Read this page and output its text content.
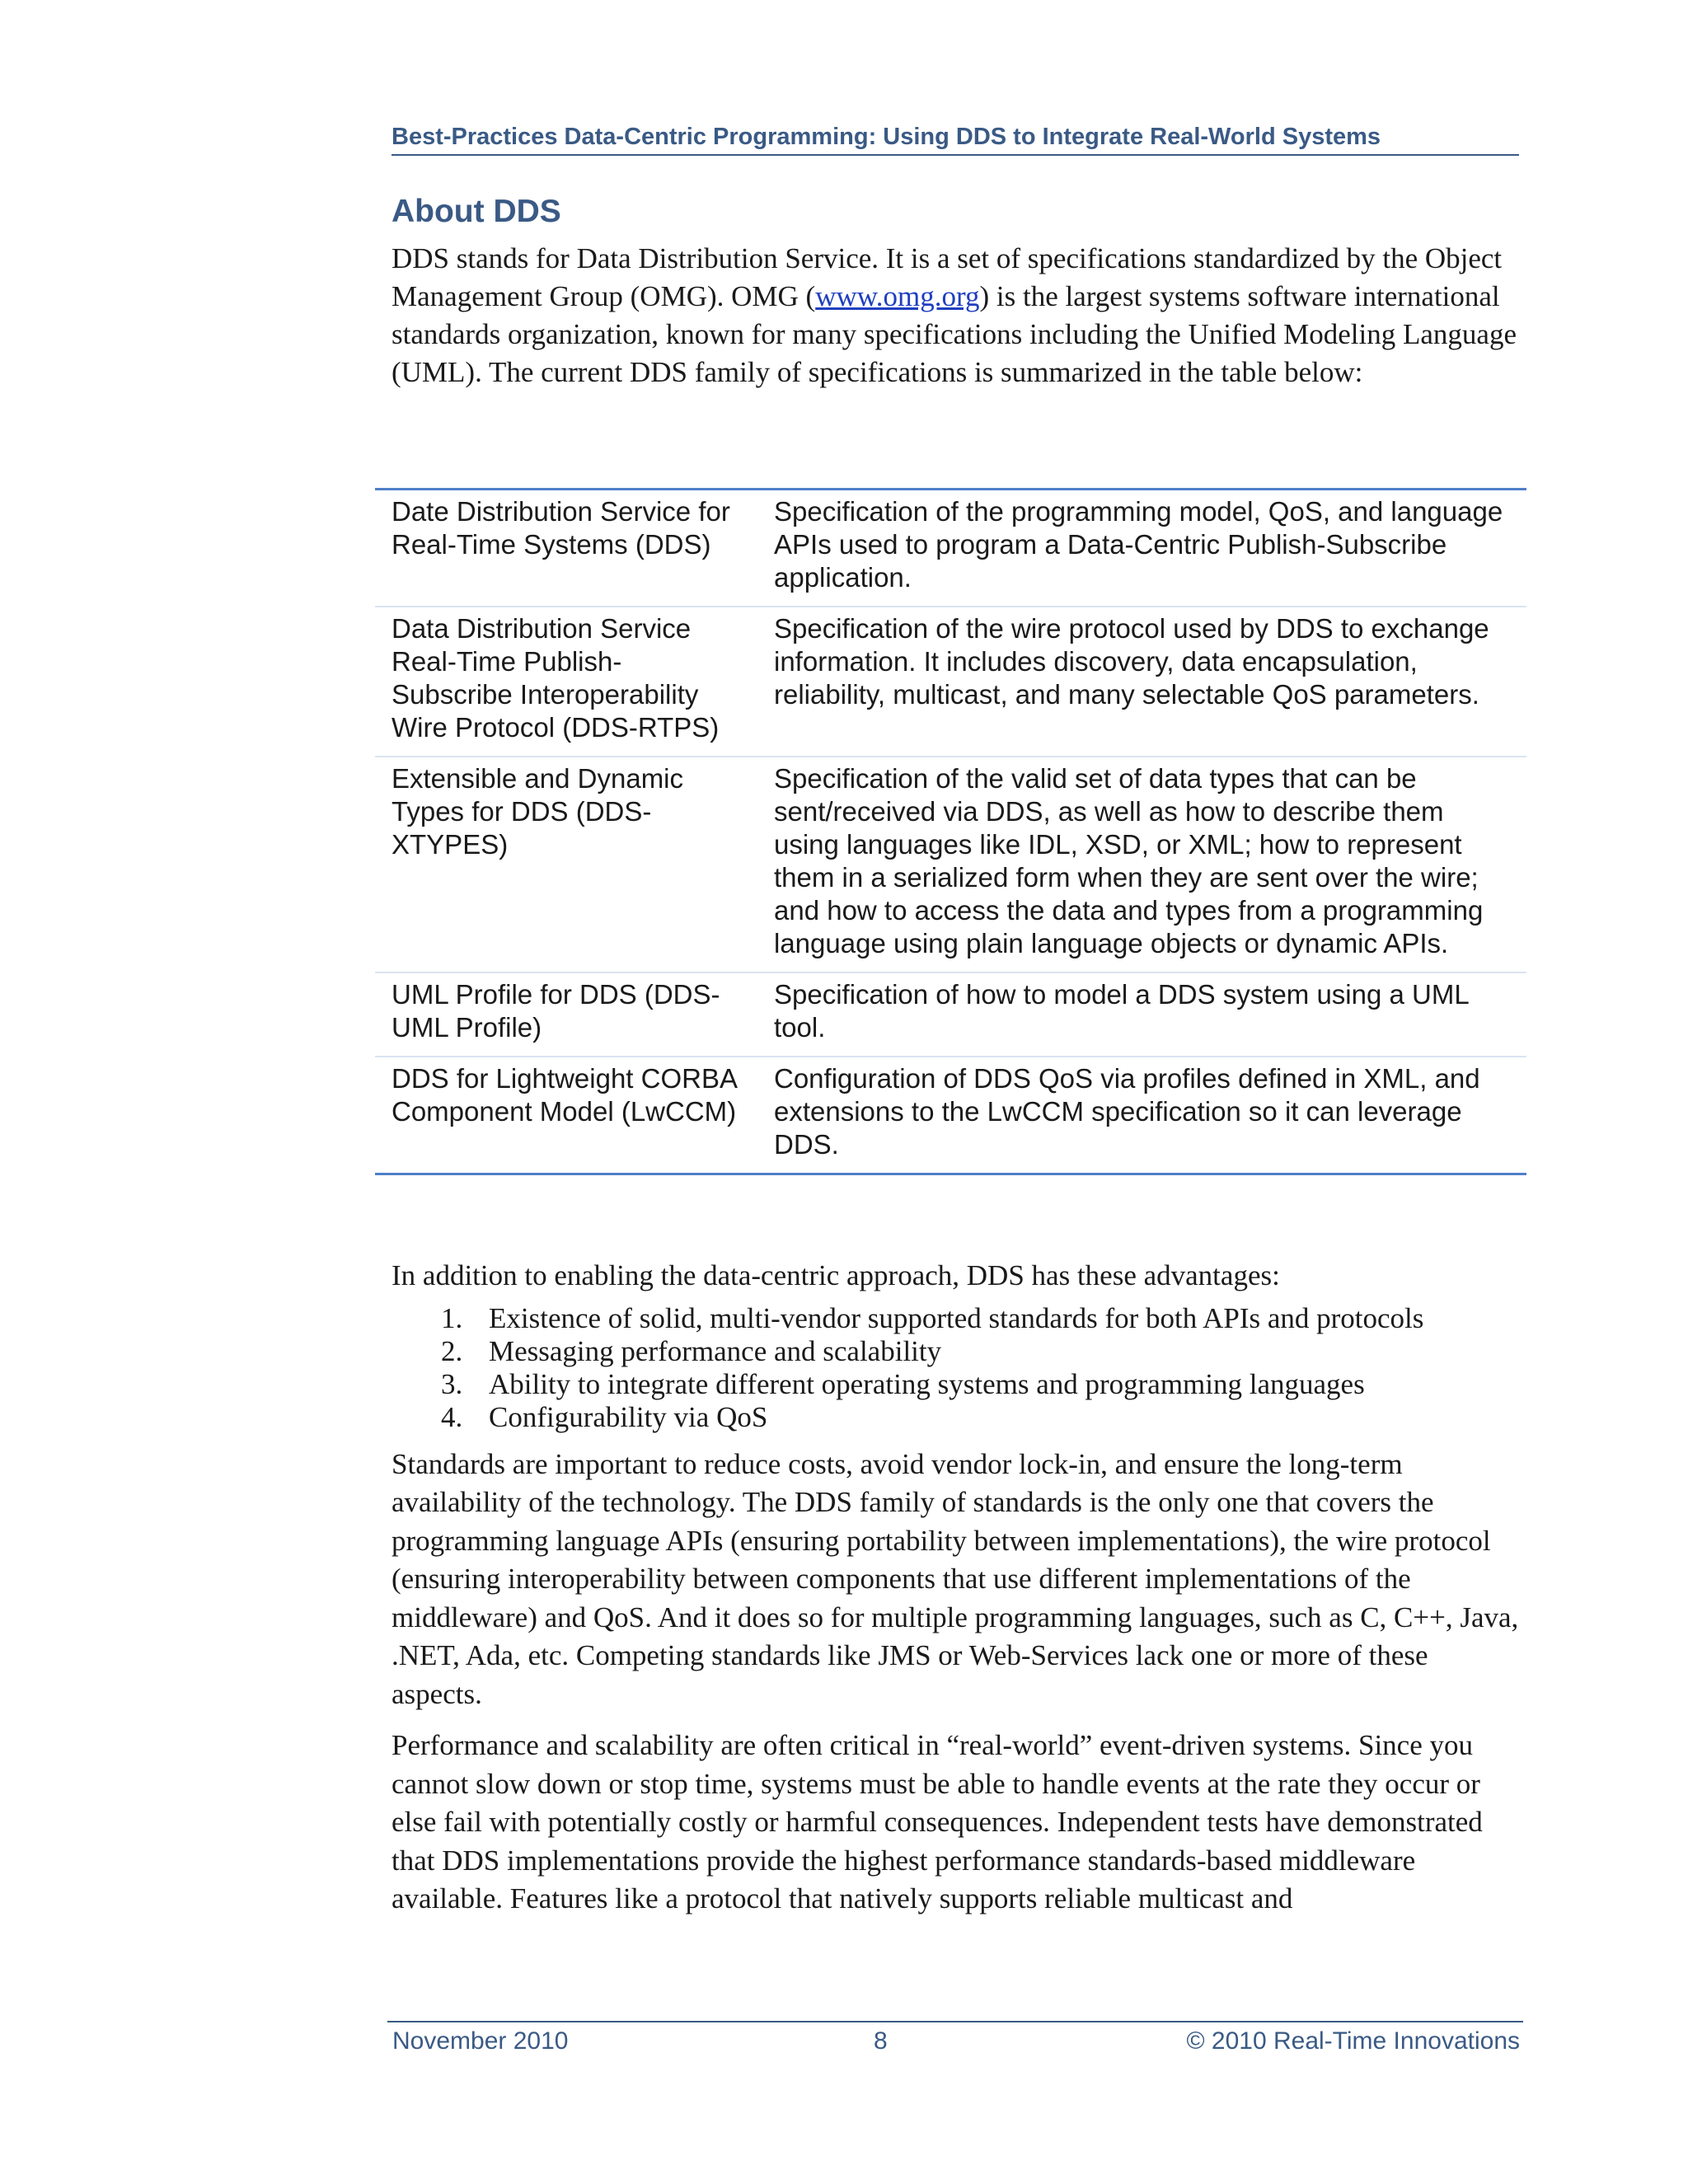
Best-Practices Data-Centric Programming: Using DDS to Integrate Real-World Systems
About DDS

DDS stands for Data Distribution Service. It is a set of specifications standardized by the Object Management Group (OMG). OMG (www.omg.org) is the largest systems software international standards organization, known for many specifications including the Unified Modeling Language (UML). The current DDS family of specifications is summarized in the table below:

Date Distribution Service for Real-Time Systems (DDS)	Specification of the programming model, QoS, and language APIs used to program a Data-Centric Publish-Subscribe application.
Data Distribution Service Real-Time Publish-Subscribe Interoperability Wire Protocol (DDS-RTPS)	Specification of the wire protocol used by DDS to exchange information. It includes discovery, data encapsulation, reliability, multicast, and many selectable QoS parameters.
Extensible and Dynamic Types for DDS (DDS-XTYPES)	Specification of the valid set of data types that can be sent/received via DDS, as well as how to describe them using languages like IDL, XSD, or XML; how to represent them in a serialized form when they are sent over the wire; and how to access the data and types from a programming language using plain language objects or dynamic APIs.
UML Profile for DDS (DDS-UML Profile)	Specification of how to model a DDS system using a UML tool.
DDS for Lightweight CORBA Component Model (LwCCM)	Configuration of DDS QoS via profiles defined in XML, and extensions to the LwCCM specification so it can leverage DDS.

In addition to enabling the data-centric approach, DDS has these advantages:

1. Existence of solid, multi-vendor supported standards for both APIs and protocols
2. Messaging performance and scalability
3. Ability to integrate different operating systems and programming languages
4. Configurability via QoS

Standards are important to reduce costs, avoid vendor lock-in, and ensure the long-term availability of the technology. The DDS family of standards is the only one that covers the programming language APIs (ensuring portability between implementations), the wire protocol (ensuring interoperability between components that use different implementations of the middleware) and QoS. And it does so for multiple programming languages, such as C, C++, Java, .NET, Ada, etc. Competing standards like JMS or Web-Services lack one or more of these aspects.

Performance and scalability are often critical in “real-world” event-driven systems. Since you cannot slow down or stop time, systems must be able to handle events at the rate they occur or else fail with potentially costly or harmful consequences. Independent tests have demonstrated that DDS implementations provide the highest performance standards-based middleware available. Features like a protocol that natively supports reliable multicast and

November 2010	8	© 2010 Real-Time Innovations
